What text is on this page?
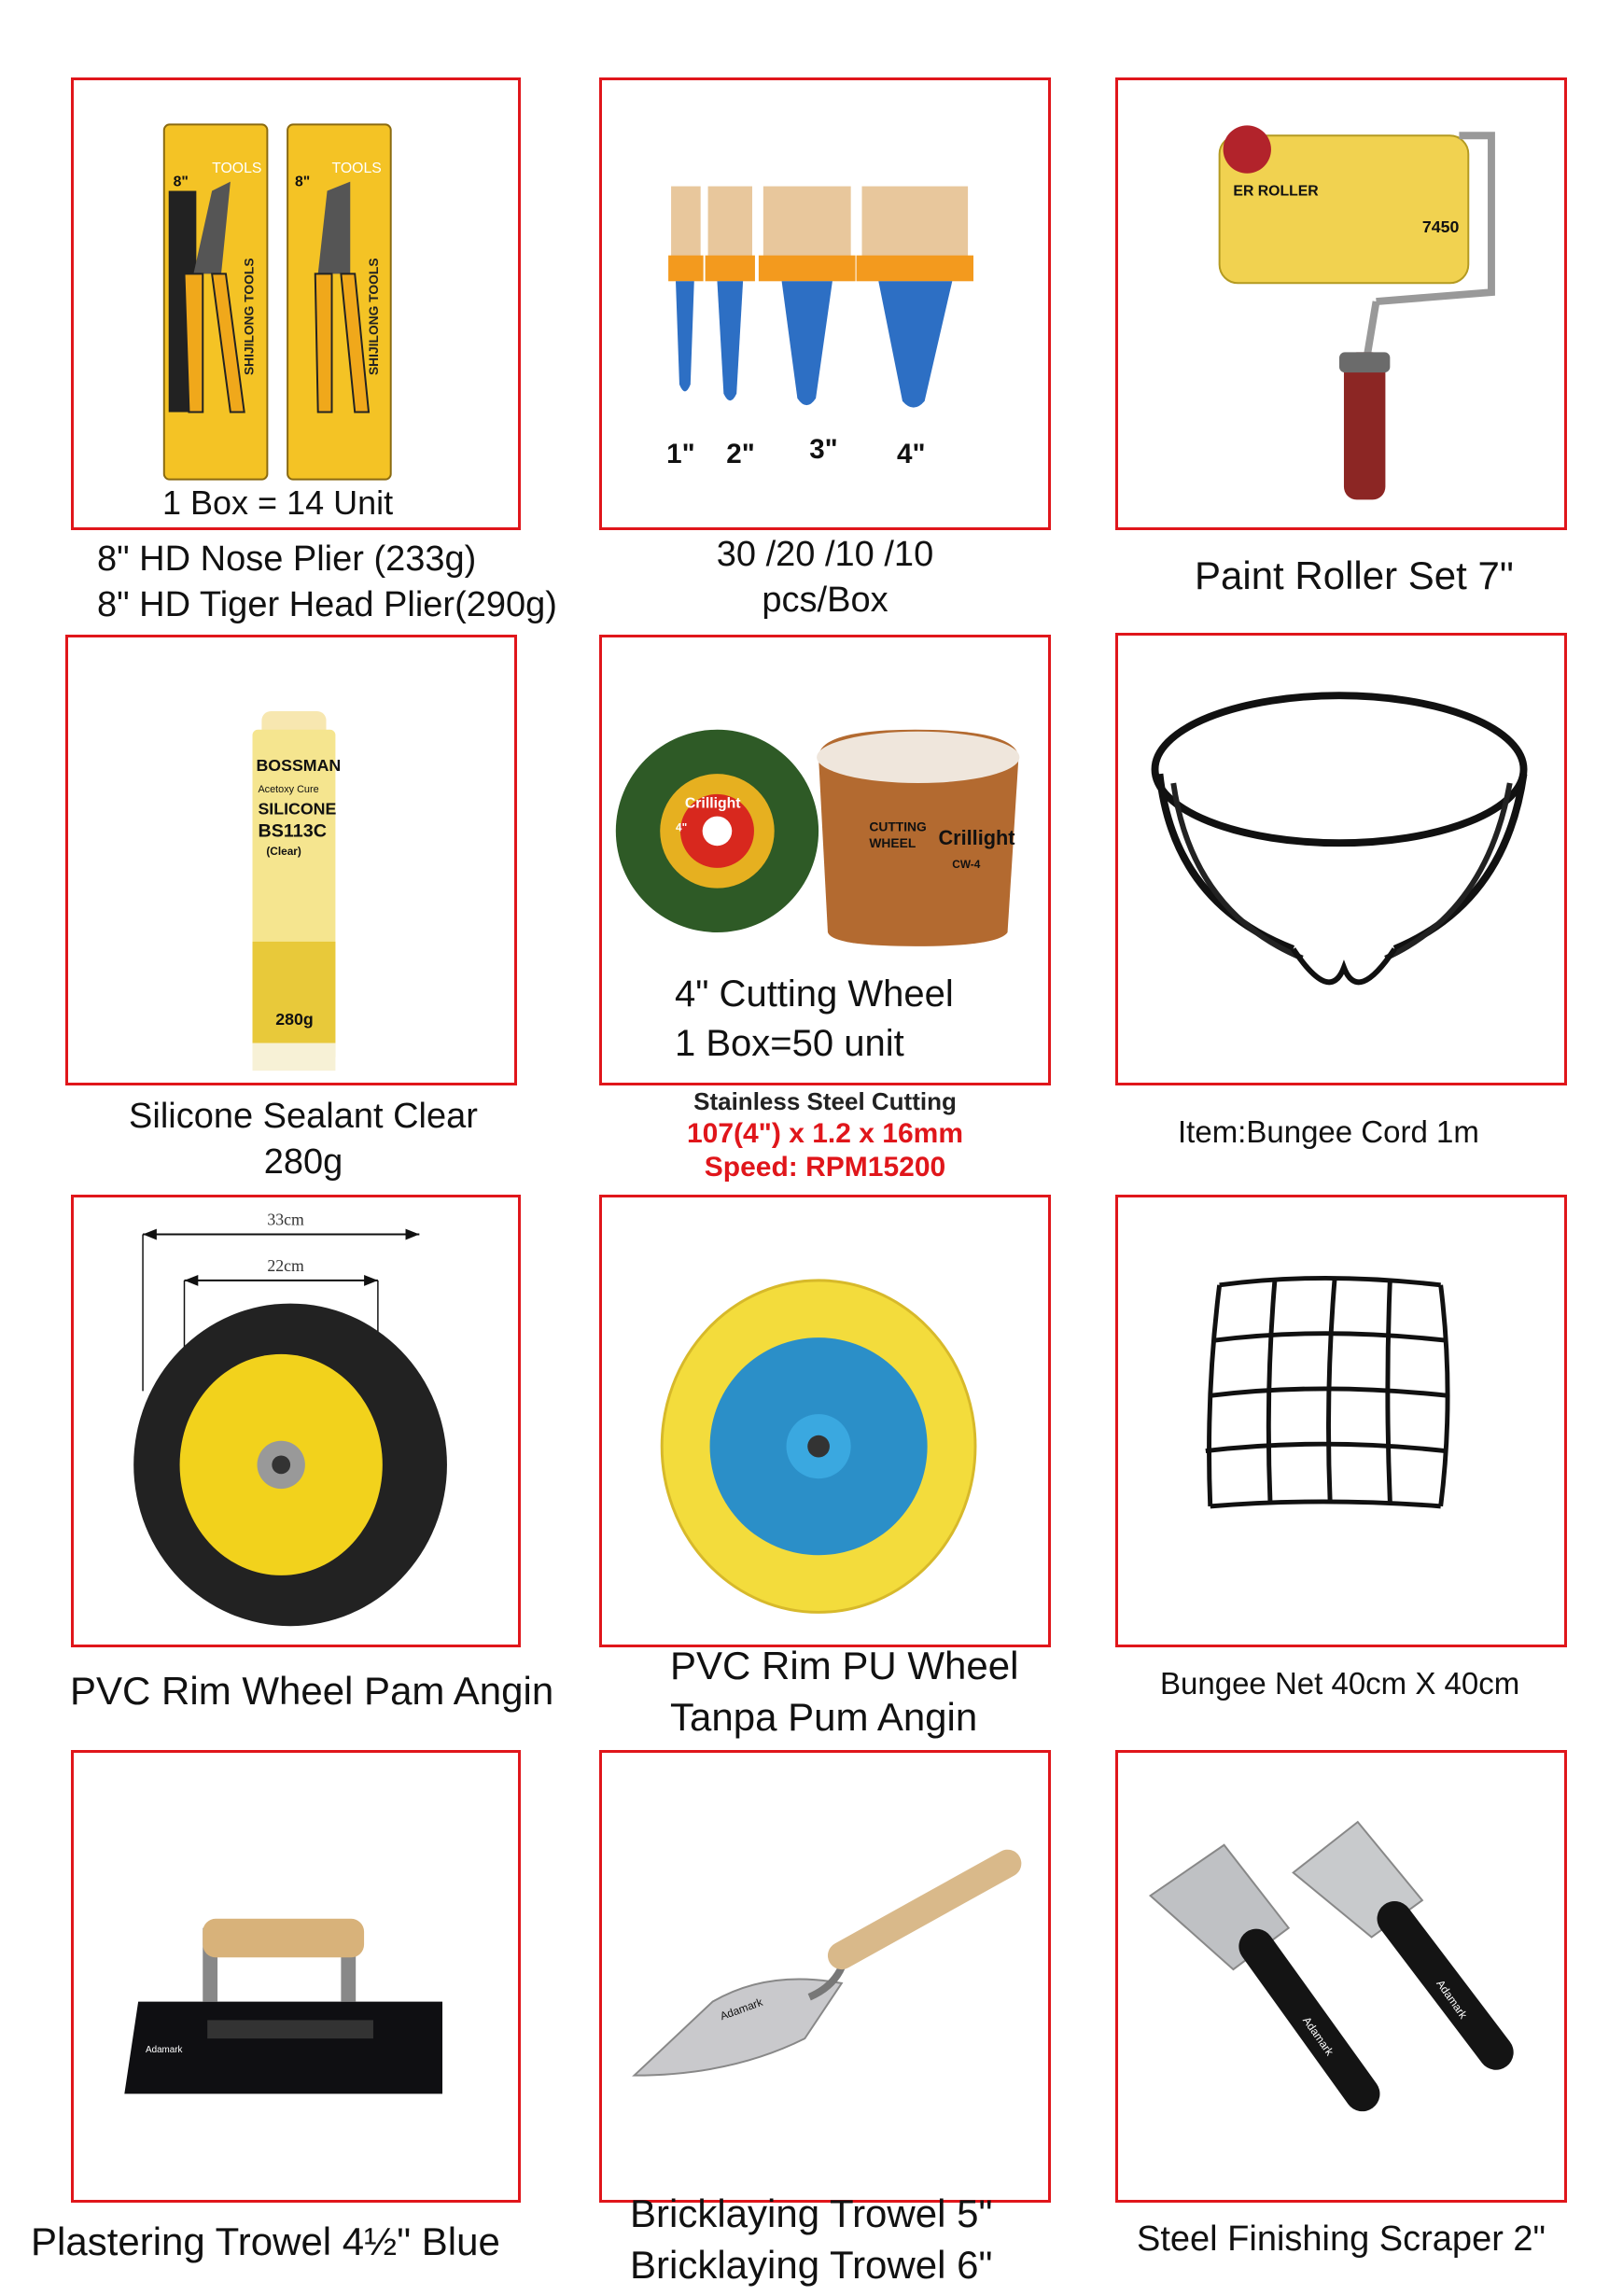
8"
TOOLS
SHIJILONG TOOLS
8"
TOOLS
SHIJILONG TOOLS
1 Box = 14 Unit
8" HD Nose Plier (233g)
8" HD Tiger Head Plier(290g)
1" 2" 3" 4"
30 /20 /10 /10
pcs/Box
ER ROLLER
7450
Paint Roller Set 7"
BOSSMAN
Acetoxy Cure
SILICONE
BS113C
(Clear)
280g
Silicone Sealant Clear
280g
Crillight
4"	CUTTING
WHEEL Crillight
CW-4
4" Cutting Wheel
1 Box=50 unit
Stainless Steel Cutting
107(4") x 1.2 x 16mm
Speed: RPM15200
Item:Bungee Cord 1m
33cm
22cm
PVC Rim Wheel Pam Angin
PVC Rim PU Wheel
Tanpa Pum Angin
Bungee Net 40cm X 40cm
Adamark
Plastering Trowel 4½" Blue
Adamark
Bricklaying Trowel 5"
Bricklaying Trowel 6"
Adamark
Adamark
Steel Finishing Scraper 2"
